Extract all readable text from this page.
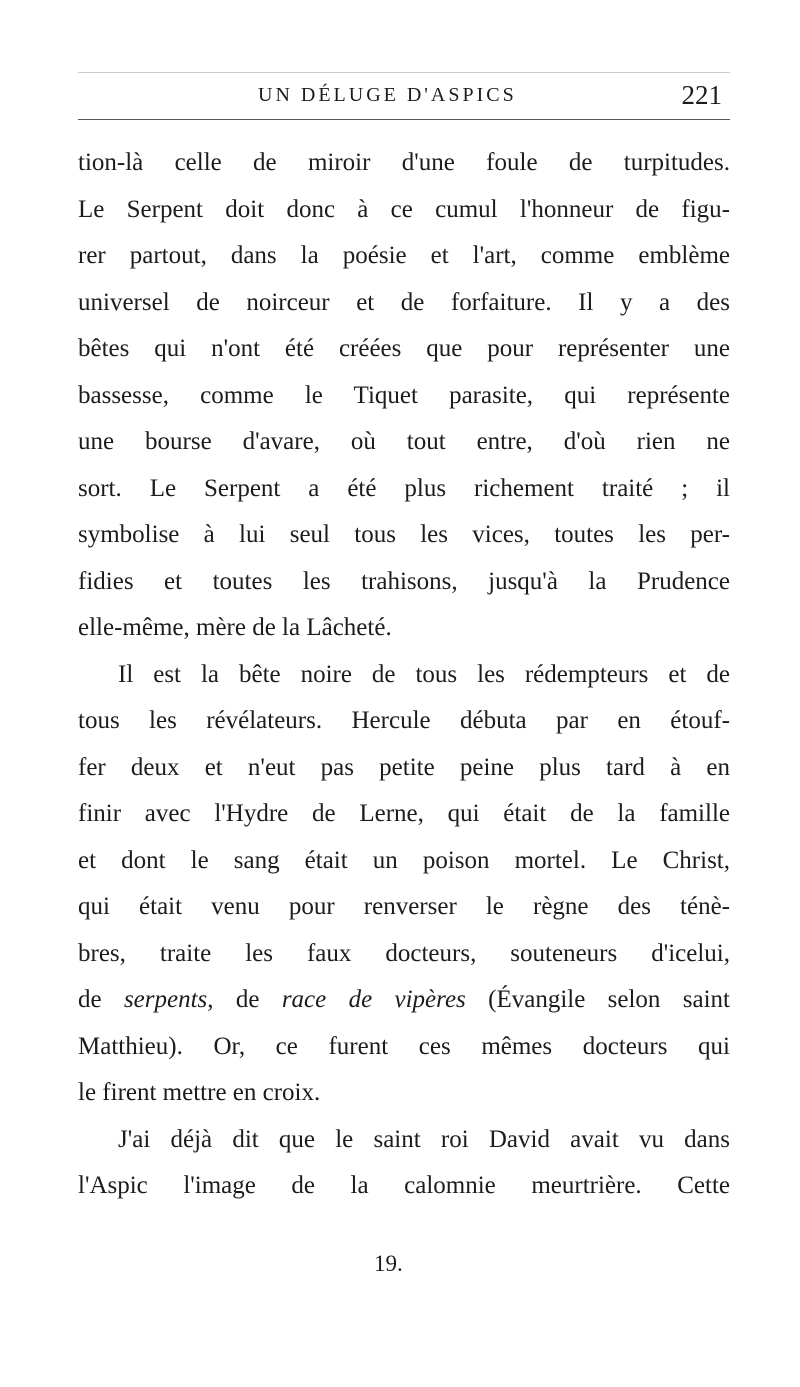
UN DÉLUGE D'ASPICS	221
tion-là celle de miroir d'une foule de turpitudes.
Le Serpent doit donc à ce cumul l'honneur de figu-
rer partout, dans la poésie et l'art, comme emblème
universel de noirceur et de forfaiture. Il y a des
bêtes qui n'ont été créées que pour représenter une
bassesse, comme le Tiquet parasite, qui représente
une bourse d'avare, où tout entre, d'où rien ne
sort. Le Serpent a été plus richement traité ; il
symbolise à lui seul tous les vices, toutes les per-
fidies et toutes les trahisons, jusqu'à la Prudence
elle-même, mère de la Lâcheté.
Il est la bête noire de tous les rédempteurs et de
tous les révélateurs. Hercule débuta par en étouf-
fer deux et n'eut pas petite peine plus tard à en
finir avec l'Hydre de Lerne, qui était de la famille
et dont le sang était un poison mortel. Le Christ,
qui était venu pour renverser le règne des ténè-
bres, traite les faux docteurs, souteneurs d'icelui,
de serpents, de race de vipères (Évangile selon saint
Matthieu). Or, ce furent ces mêmes docteurs qui
le firent mettre en croix.
J'ai déjà dit que le saint roi David avait vu dans
l'Aspic l'image de la calomnie meurtrière. Cette
19.
